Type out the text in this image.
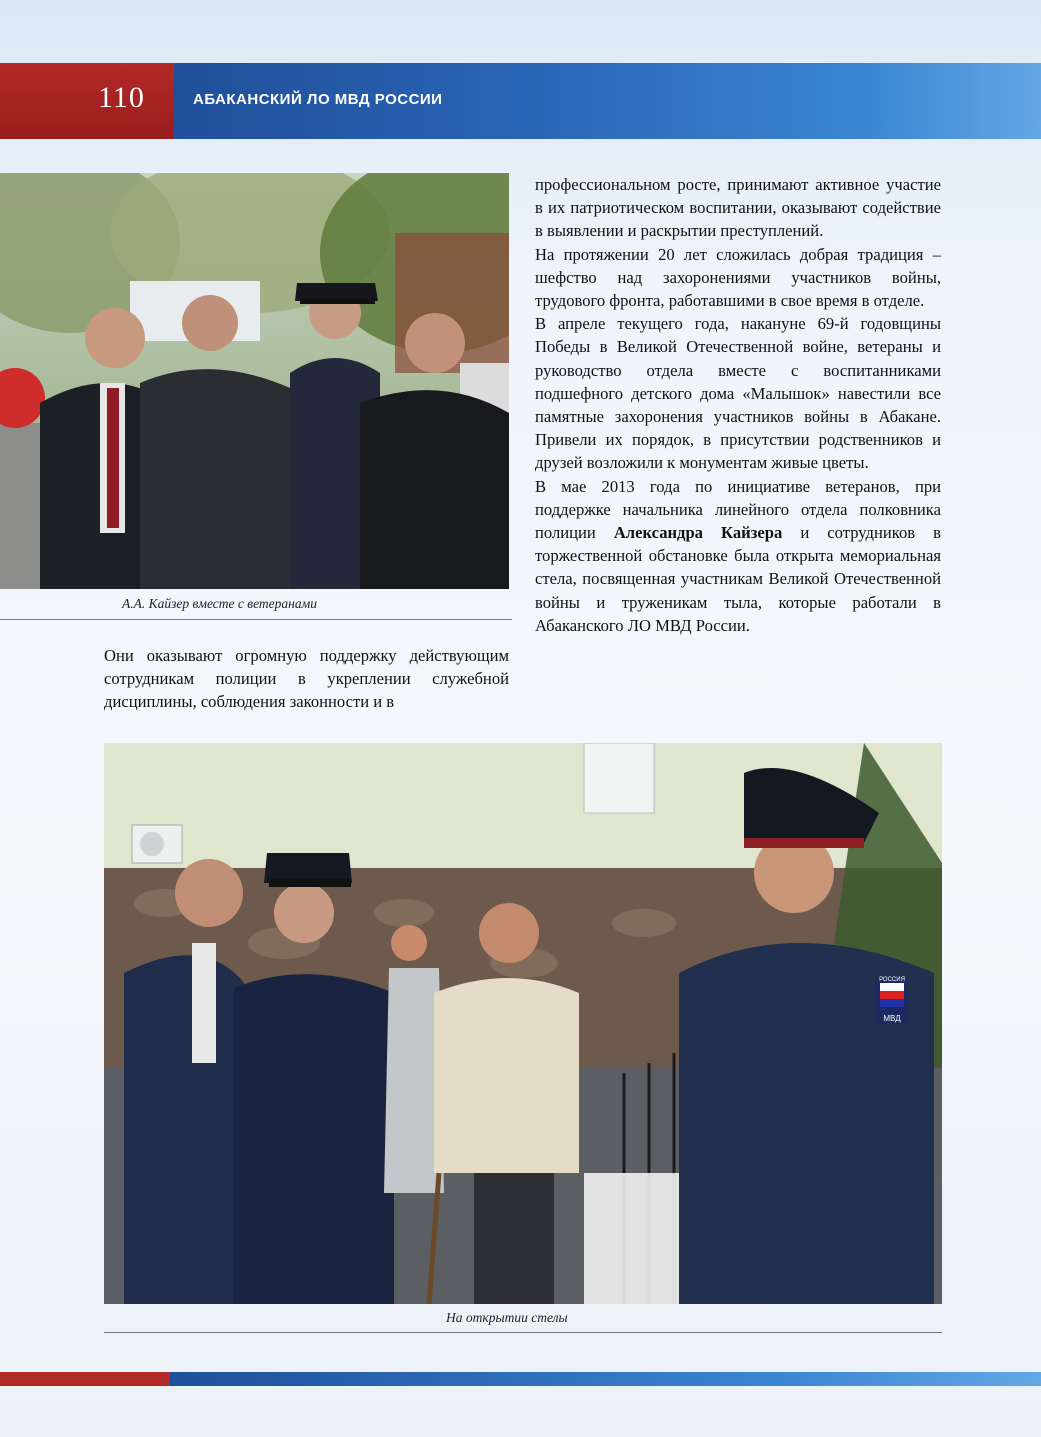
110	АБАКАНСКИЙ ЛО МВД РОССИИ
А.А. Кайзер вместе с ветеранами

профессиональном росте, принимают активное участие в их патриотическом воспитании, оказывают содействие в выявлении и раскрытии преступлений.

На протяжении 20 лет сложилась добрая традиция – шефство над захоронениями участников войны, трудового фронта, работавшими в свое время в отделе.

В апреле текущего года, накануне 69-й годовщины Победы в Великой Отечественной войне, ветераны и руководство отдела вместе с воспитанниками подшефного детского дома «Малышок» навестили все памятные захоронения участников войны в Абакане. Привели их порядок, в присутствии родственников и друзей возложили к монументам живые цветы.

В мае 2013 года по инициативе ветеранов, при поддержке начальника линейного отдела полковника полиции Александра Кайзера и сотрудников в торжественной обстановке была открыта мемориальная стела, посвященная участникам Великой Отечественной войны и труженикам тыла, которые работали в Абаканского ЛО МВД России.

Они оказывают огромную поддержку действующим сотрудникам полиции в укреплении служебной дисциплины, соблюдения законности и в

МВД
РОССИЯ
На открытии стелы
